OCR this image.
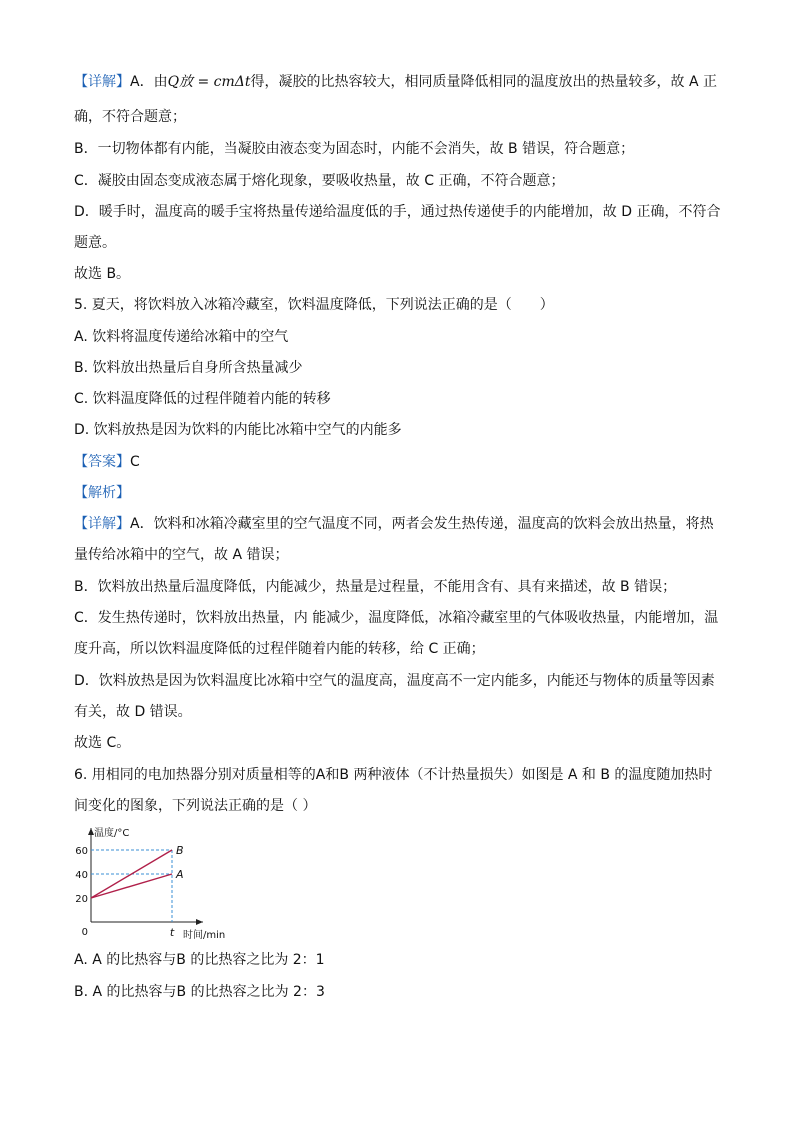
【详解】A．由Q放 = cmΔt得，凝胶的比热容较大，相同质量降低相同的温度放出的热量较多，故 A 正
确，不符合题意；
B．一切物体都有内能，当凝胶由液态变为固态时，内能不会消失，故 B 错误，符合题意；
C．凝胶由固态变成液态属于熔化现象，要吸收热量，故 C 正确，不符合题意；
D．暖手时，温度高的暖手宝将热量传递给温度低的手，通过热传递使手的内能增加，故 D 正确，不符合
题意。
故选 B。
5. 夏天，将饮料放入冰箱冷藏室，饮料温度降低，下列说法正确的是（　　）
A. 饮料将温度传递给冰箱中的空气
B. 饮料放出热量后自身所含热量减少
C. 饮料温度降低的过程伴随着内能的转移
D. 饮料放热是因为饮料的内能比冰箱中空气的内能多
【答案】C
【解析】
【详解】A．饮料和冰箱冷藏室里的空气温度不同，两者会发生热传递，温度高的饮料会放出热量，将热
量传给冰箱中的空气，故 A 错误；
B．饮料放出热量后温度降低，内能减少，热量是过程量，不能用含有、具有来描述，故 B 错误；
C．发生热传递时，饮料放出热量，内 能减少，温度降低，冰箱冷藏室里的气体吸收热量，内能增加，温
度升高，所以饮料温度降低的过程伴随着内能的转移，给 C 正确；
D．饮料放热是因为饮料温度比冰箱中空气的温度高，温度高不一定内能多，内能还与物体的质量等因素
有关，故 D 错误。
故选 C。
6. 用相同的电加热器分别对质量相等的A和B 两种液体（不计热量损失）如图是 A 和 B 的温度随加热时
间变化的图象，下列说法正确的是（ ）
温度/°C
时间/min
0	t
20
40
60	B
A
A. A 的比热容与B 的比热容之比为 2：1
B. A 的比热容与B 的比热容之比为 2：3
